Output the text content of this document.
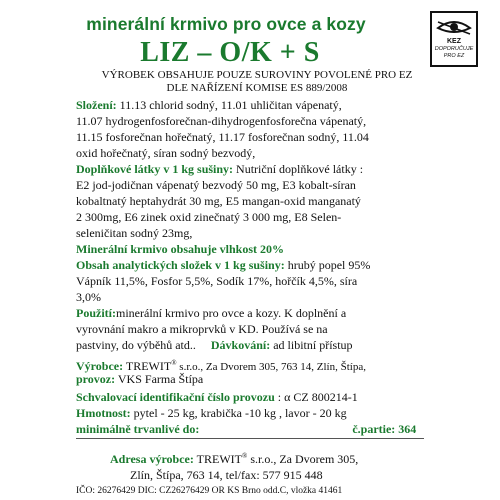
minerální krmivo pro ovce a kozy
LIZ – O/K + S	KEZ
DOPORUČUJE
PRO EZ
VÝROBEK OBSAHUJE POUZE SUROVINY POVOLENÉ PRO EZ
DLE NAŘÍZENÍ KOMISE ES 889/2008
Složení: 11.13 chlorid sodný, 11.01 uhličitan vápenatý,
11.07 hydrogenfosforečnan-dihydrogenfosforečna vápenatý,
11.15 fosforečnan hořečnatý, 11.17 fosforečnan sodný, 11.04
oxid hořečnatý, síran sodný bezvodý,
Doplňkové látky v 1 kg sušiny: Nutriční doplňkové látky :
E2 jod-jodičnan vápenatý bezvodý 50 mg, E3 kobalt-síran
kobaltnatý heptahydrát 30 mg, E5 mangan-oxid manganatý
2 300mg, E6 zinek oxid zinečnatý 3 000 mg, E8 Selen-
seleničitan sodný 23mg,
Minerální krmivo obsahuje vlhkost 20%
Obsah analytických složek v 1 kg sušiny: hrubý popel 95%
Vápník 11,5%, Fosfor 5,5%, Sodík 17%, hořčík 4,5%, síra
3,0%
Použití:minerální krmivo pro ovce a kozy. K doplnění a
vyrovnání makro a mikroprvků v KD. Používá se na
pastviny, do výběhů atd.. Dávkování: ad libitní přístup
Výrobce: TREWIT® s.r.o., Za Dvorem 305, 763 14, Zlín, Štípa,
provoz: VKS Farma Štípa
Schvalovací identifikační číslo provozu : α CZ 800214-1
Hmotnost: pytel - 25 kg, krabička -10 kg , lavor - 20 kg
minimálně trvanlivé do:	č.partie: 364
Adresa výrobce: TREWIT® s.r.o., Za Dvorem 305,
Zlín, Štípa, 763 14, tel/fax: 577 915 448
IČO: 26276429 DIC: CZ26276429 OR KS Brno odd.C, vložka 41461
